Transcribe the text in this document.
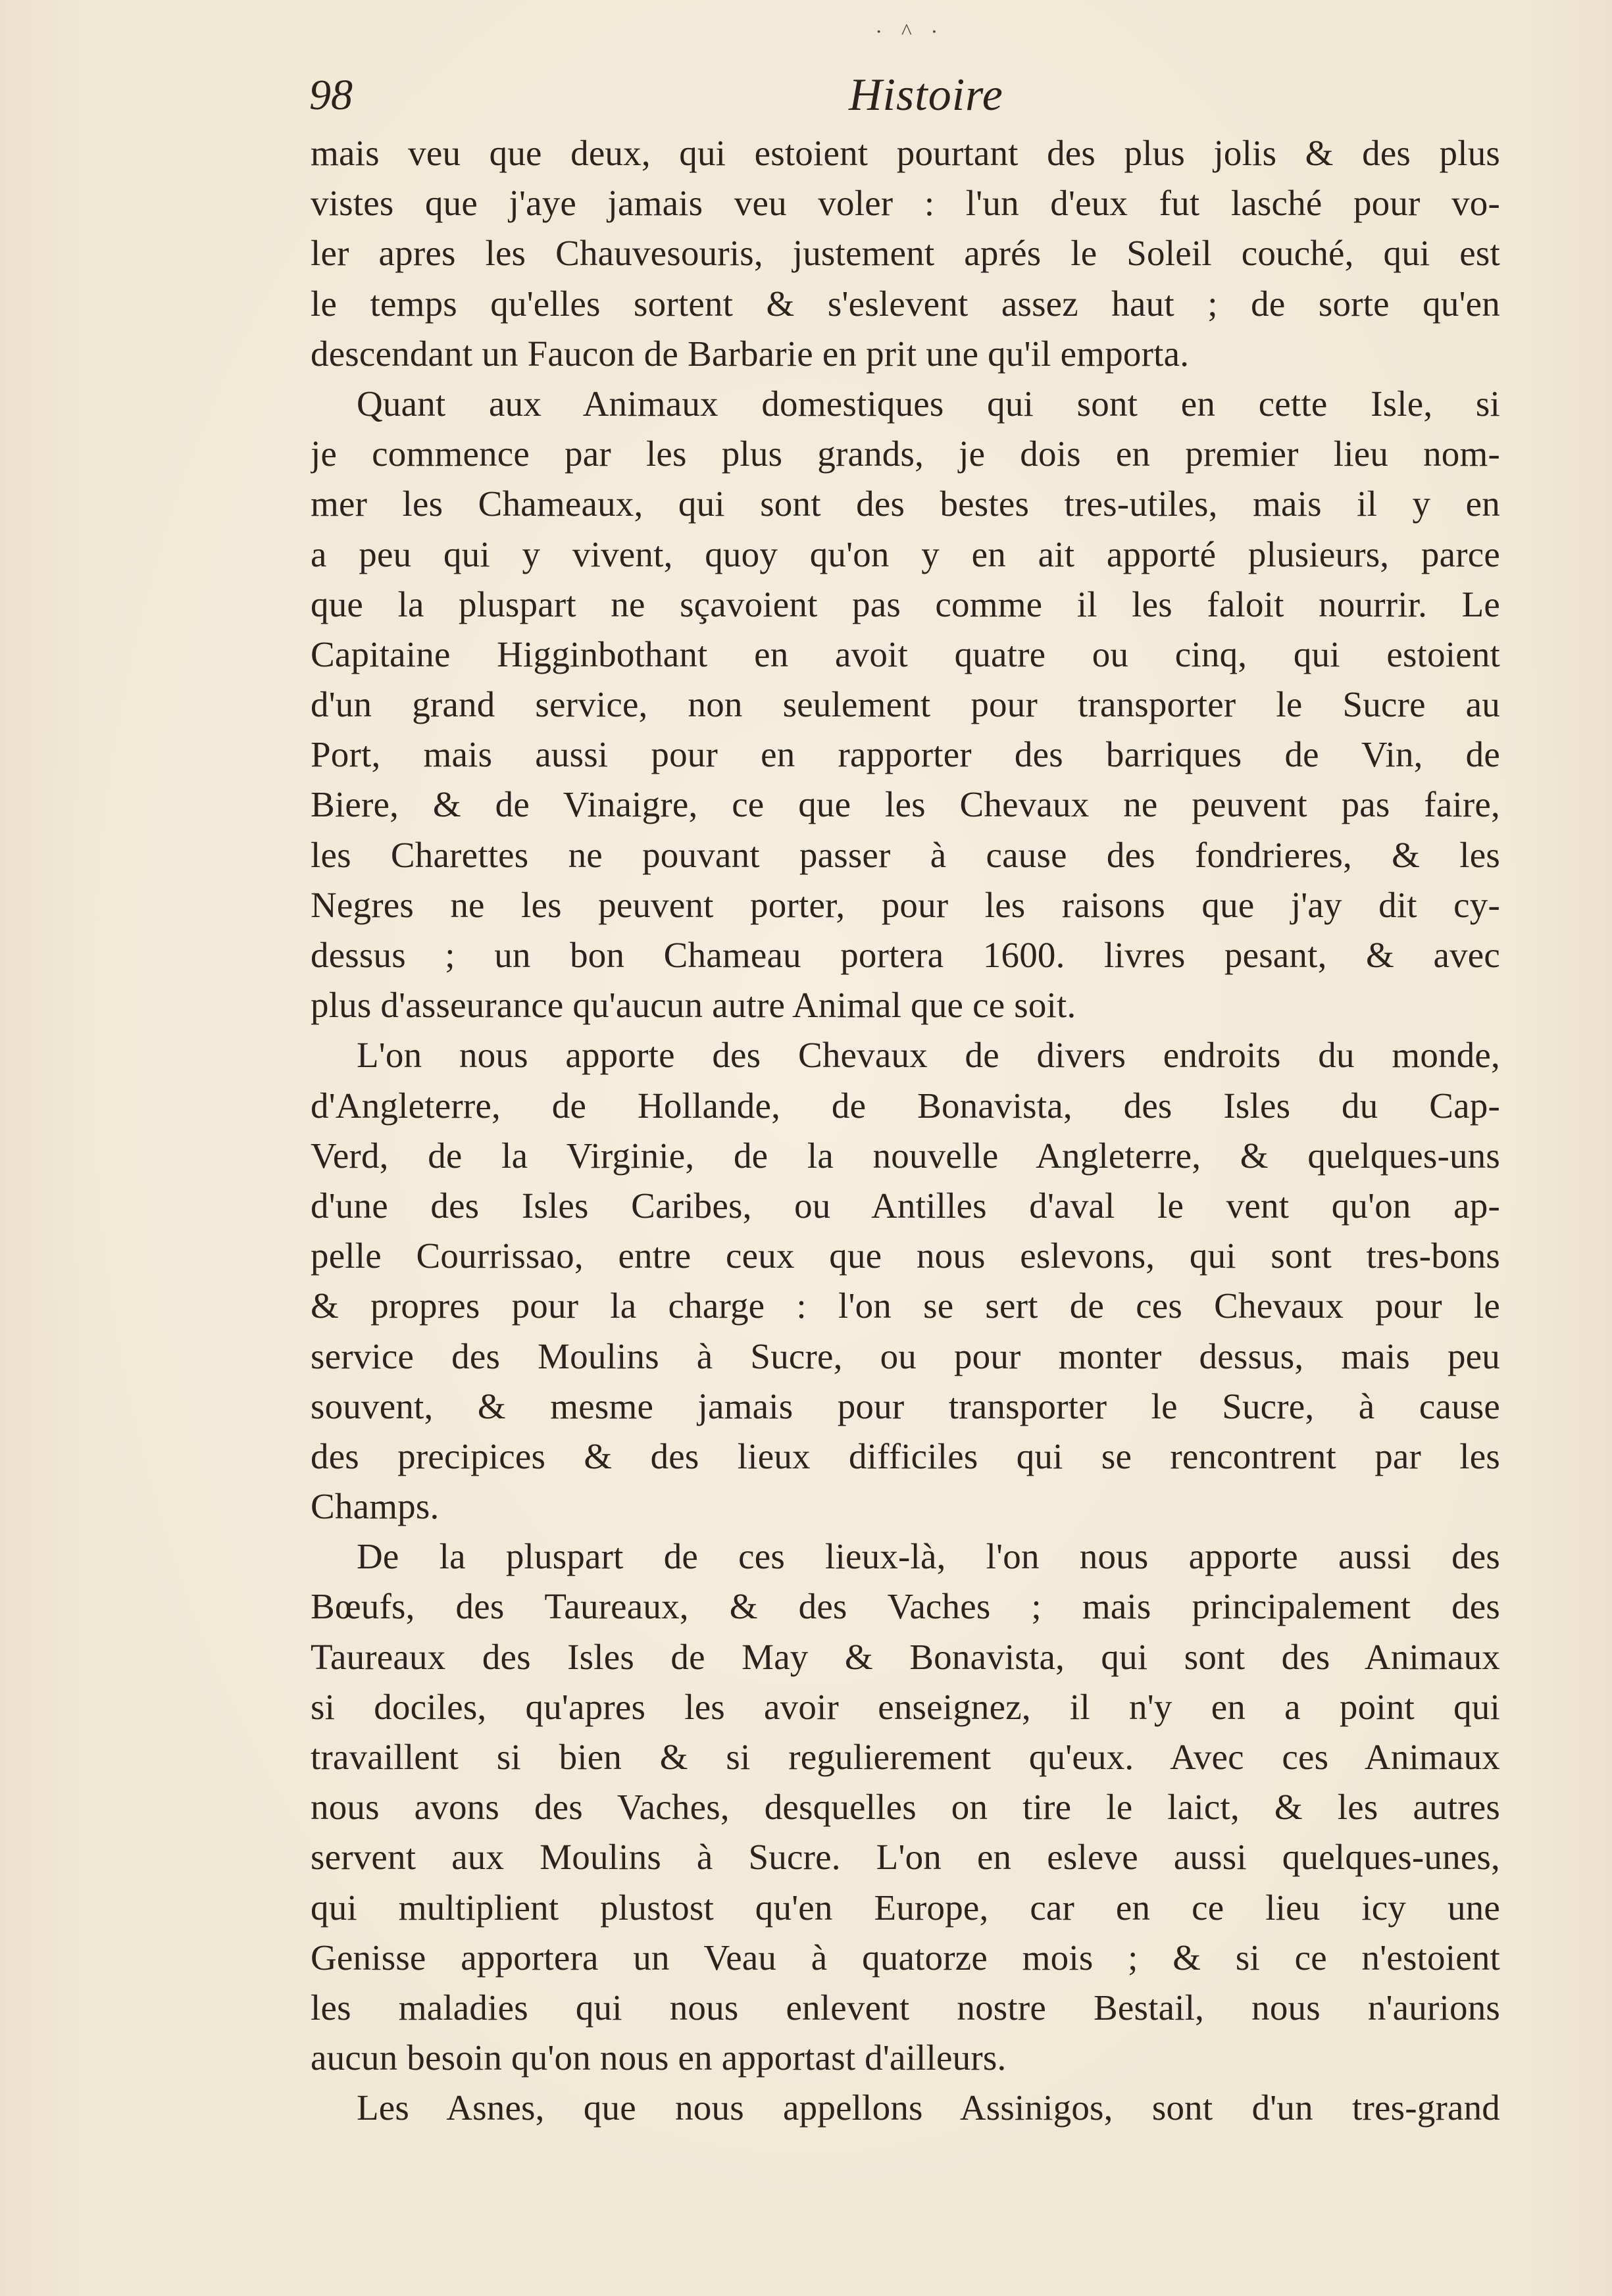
· ^ ·
98	Histoire
mais veu que deux, qui estoient pourtant des plus jolis & des plus
vistes que j'aye jamais veu voler : l'un d'eux fut lasché pour vo-
ler apres les Chauvesouris, justement aprés le Soleil couché, qui est
le temps qu'elles sortent & s'eslevent assez haut ; de sorte qu'en
descendant un Faucon de Barbarie en prit une qu'il emporta.
Quant aux Animaux domestiques qui sont en cette Isle, si
je commence par les plus grands, je dois en premier lieu nom-
mer les Chameaux, qui sont des bestes tres-utiles, mais il y en
a peu qui y vivent, quoy qu'on y en ait apporté plusieurs, parce
que la pluspart ne sçavoient pas comme il les faloit nourrir. Le
Capitaine Higginbothant en avoit quatre ou cinq, qui estoient
d'un grand service, non seulement pour transporter le Sucre au
Port, mais aussi pour en rapporter des barriques de Vin, de
Biere, & de Vinaigre, ce que les Chevaux ne peuvent pas faire,
les Charettes ne pouvant passer à cause des fondrieres, & les
Negres ne les peuvent porter, pour les raisons que j'ay dit cy-
dessus ; un bon Chameau portera 1600. livres pesant, & avec
plus d'asseurance qu'aucun autre Animal que ce soit.
L'on nous apporte des Chevaux de divers endroits du monde,
d'Angleterre, de Hollande, de Bonavista, des Isles du Cap-
Verd, de la Virginie, de la nouvelle Angleterre, & quelques-uns
d'une des Isles Caribes, ou Antilles d'aval le vent qu'on ap-
pelle Courrissao, entre ceux que nous eslevons, qui sont tres-bons
& propres pour la charge : l'on se sert de ces Chevaux pour le
service des Moulins à Sucre, ou pour monter dessus, mais peu
souvent, & mesme jamais pour transporter le Sucre, à cause
des precipices & des lieux difficiles qui se rencontrent par les
Champs.
De la pluspart de ces lieux-là, l'on nous apporte aussi des
Bœufs, des Taureaux, & des Vaches ; mais principalement des
Taureaux des Isles de May & Bonavista, qui sont des Animaux
si dociles, qu'apres les avoir enseignez, il n'y en a point qui
travaillent si bien & si regulierement qu'eux. Avec ces Animaux
nous avons des Vaches, desquelles on tire le laict, & les autres
servent aux Moulins à Sucre. L'on en esleve aussi quelques-unes,
qui multiplient plustost qu'en Europe, car en ce lieu icy une
Genisse apportera un Veau à quatorze mois ; & si ce n'estoient
les maladies qui nous enlevent nostre Bestail, nous n'aurions
aucun besoin qu'on nous en apportast d'ailleurs.
Les Asnes, que nous appellons Assinigos, sont d'un tres-grand
